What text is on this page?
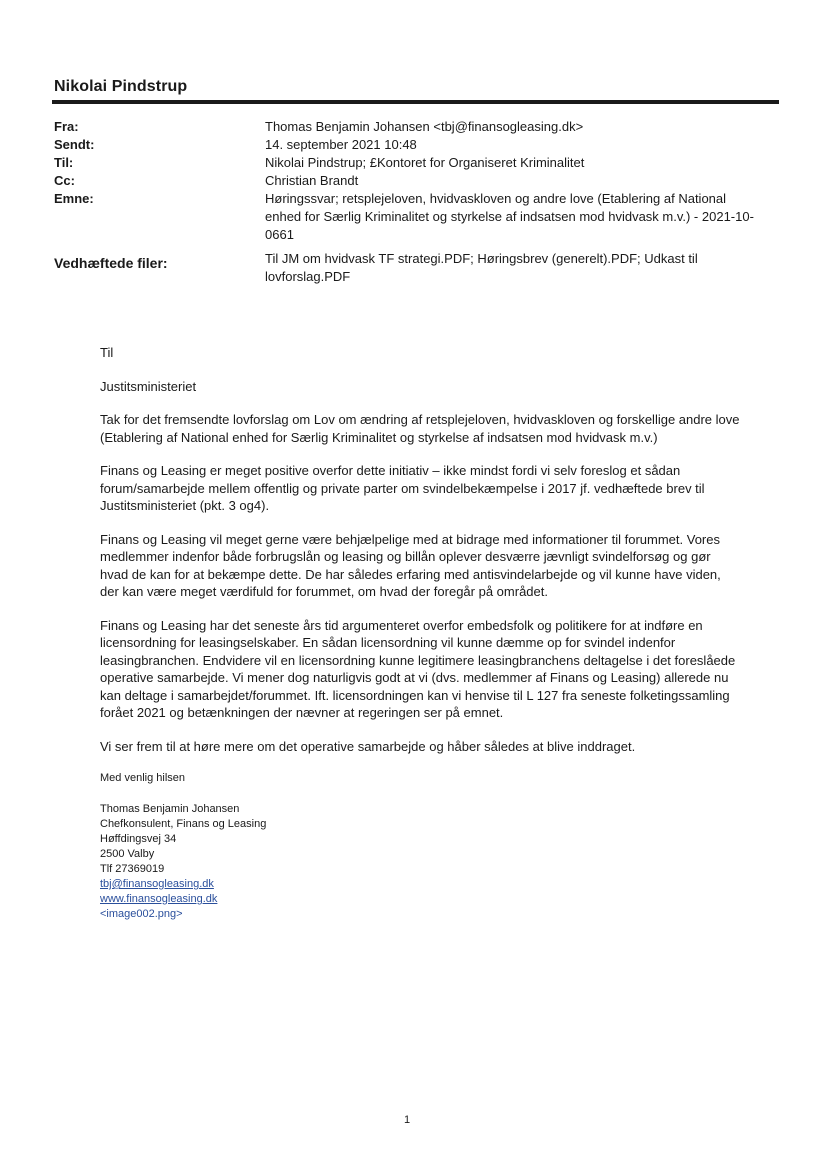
Nikolai Pindstrup
Fra:	Thomas Benjamin Johansen <tbj@finansogleasing.dk>
Sendt:	14. september 2021 10:48
Til:	Nikolai Pindstrup; £Kontoret for Organiseret Kriminalitet
Cc:	Christian Brandt
Emne:	Høringssvar; retsplejeloven, hvidvaskloven og andre love (Etablering af National enhed for Særlig Kriminalitet og styrkelse af indsatsen mod hvidvask m.v.) - 2021-10-0661
Vedhæftede filer:	Til JM om hvidvask TF strategi.PDF; Høringsbrev (generelt).PDF; Udkast til lovforslag.PDF

Til

Justitsministeriet

Tak for det fremsendte lovforslag om Lov om ændring af retsplejeloven, hvidvaskloven og forskellige andre love (Etablering af National enhed for Særlig Kriminalitet og styrkelse af indsatsen mod hvidvask m.v.)

Finans og Leasing er meget positive overfor dette initiativ – ikke mindst fordi vi selv foreslog et sådan forum/samarbejde mellem offentlig og private parter om svindelbekæmpelse i 2017 jf. vedhæftede brev til Justitsministeriet (pkt. 3 og4).

Finans og Leasing vil meget gerne være behjælpelige med at bidrage med informationer til forummet. Vores medlemmer indenfor både forbrugslån og leasing og billån oplever desværre jævnligt svindelforsøg og gør hvad de kan for at bekæmpe dette. De har således erfaring med antisvindelarbejde og vil kunne have viden, der kan være meget værdifuld for forummet, om hvad der foregår på området.

Finans og Leasing har det seneste års tid argumenteret overfor embedsfolk og politikere for at indføre en licensordning for leasingselskaber. En sådan licensordning vil kunne dæmme op for svindel indenfor leasingbranchen. Endvidere vil en licensordning kunne legitimere leasingbranchens deltagelse i det foreslåede operative samarbejde. Vi mener dog naturligvis godt at vi (dvs. medlemmer af Finans og Leasing) allerede nu kan deltage i samarbejdet/forummet. Ift. licensordningen kan vi henvise til L 127 fra seneste folketingssamling forået 2021 og betænkningen der nævner at regeringen ser på emnet.

Vi ser frem til at høre mere om det operative samarbejde og håber således at blive inddraget.

Med venlig hilsen

Thomas Benjamin Johansen
Chefkonsulent, Finans og Leasing
Høffdingsvej 34
2500 Valby
Tlf 27369019
tbj@finansogleasing.dk
www.finansogleasing.dk
<image002.png>
1
